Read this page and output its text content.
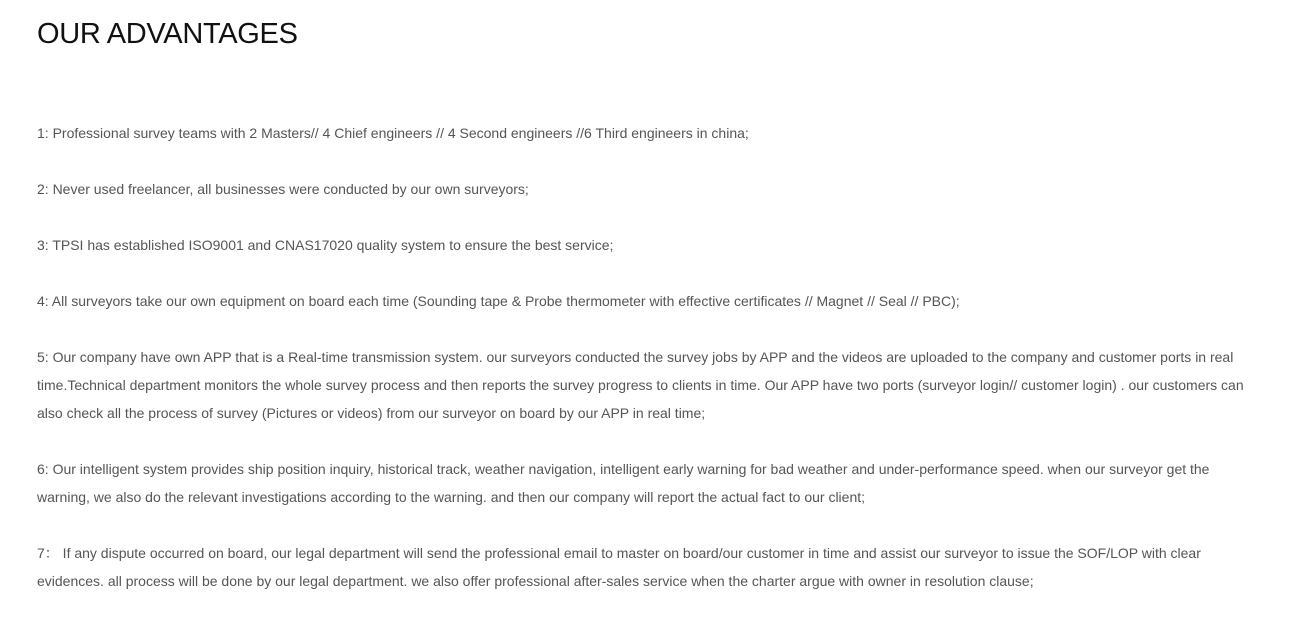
OUR ADVANTAGES

1: Professional survey teams with 2 Masters// 4 Chief engineers // 4 Second engineers //6 Third engineers in china;

2: Never used freelancer, all businesses were conducted by our own surveyors;

3: TPSI has established ISO9001 and CNAS17020 quality system to ensure the best service;

4: All surveyors take our own equipment on board each time (Sounding tape & Probe thermometer with effective certificates // Magnet // Seal // PBC);

5: Our company have own APP that is a Real-time transmission system. our surveyors conducted the survey jobs by APP and the videos are uploaded to the company and customer ports in real time.Technical department monitors the whole survey process and then reports the survey progress to clients in time. Our APP have two ports (surveyor login// customer login) . our customers can also check all the process of survey (Pictures or videos) from our surveyor on board by our APP in real time;

6: Our intelligent system provides ship position inquiry, historical track, weather navigation, intelligent early warning for bad weather and under-performance speed. when our surveyor get the warning, we also do the relevant investigations according to the warning. and then our company will report the actual fact to our client;

7： If any dispute occurred on board, our legal department will send the professional email to master on board/our customer in time and assist our surveyor to issue the SOF/LOP with clear evidences. all process will be done by our legal department. we also offer professional after-sales service when the charter argue with owner in resolution clause;
